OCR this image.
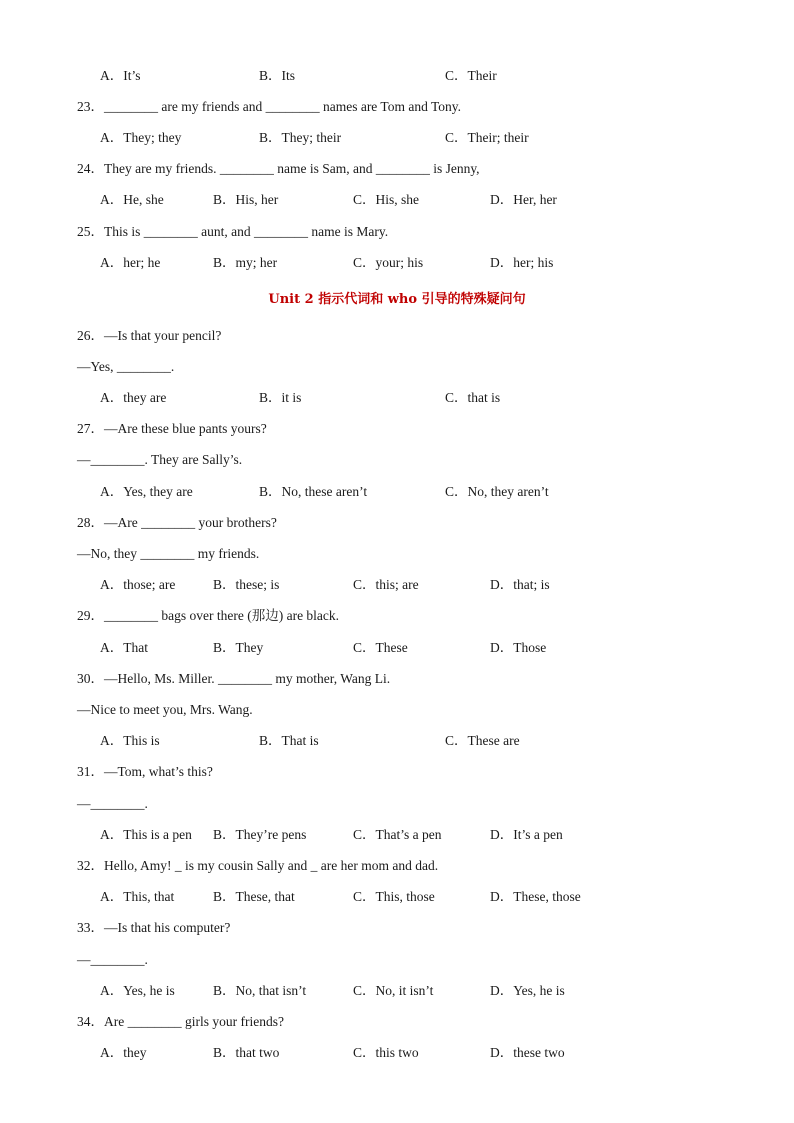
A．It’s	B．Its	C．Their
23．________ are my friends and ________ names are Tom and Tony.
A．They; they	B．They; their	C．Their; their
24．They are my friends. ________ name is Sam, and ________ is Jenny,
A．He, she	B．His, her	C．His, she	D．Her, her
25．This is ________ aunt, and ________ name is Mary.
A．her; he	B．my; her	C．your; his	D．her; his
Unit 2 指示代词和 who 引导的特殊疑问句
26．—Is that your pencil?
—Yes, ________.
A．they are	B．it is	C．that is
27．—Are these blue pants yours?
—________. They are Sally’s.
A．Yes, they are	B．No, these aren’t	C．No, they aren’t
28．—Are ________ your brothers?
—No, they ________ my friends.
A．those; are	B．these; is	C．this; are	D．that; is
29．________ bags over there (那边) are black.
A．That	B．They	C．These	D．Those
30．—Hello, Ms. Miller. ________ my mother, Wang Li.
—Nice to meet you, Mrs. Wang.
A．This is	B．That is	C．These are
31．—Tom, what’s this?
—________.
A．This is a pen B．They’re pens	C．That’s a pen	D．It’s a pen
32．Hello, Amy! _ is my cousin Sally and _ are her mom and dad.
A．This, that	B．These, that	C．This, those	D．These, those
33．—Is that his computer?
—________.
A．Yes, he is	B．No, that isn’t	C．No, it isn’t	D．Yes, he is
34．Are ________ girls your friends?
A．they	B．that two	C．this two	D．these two
